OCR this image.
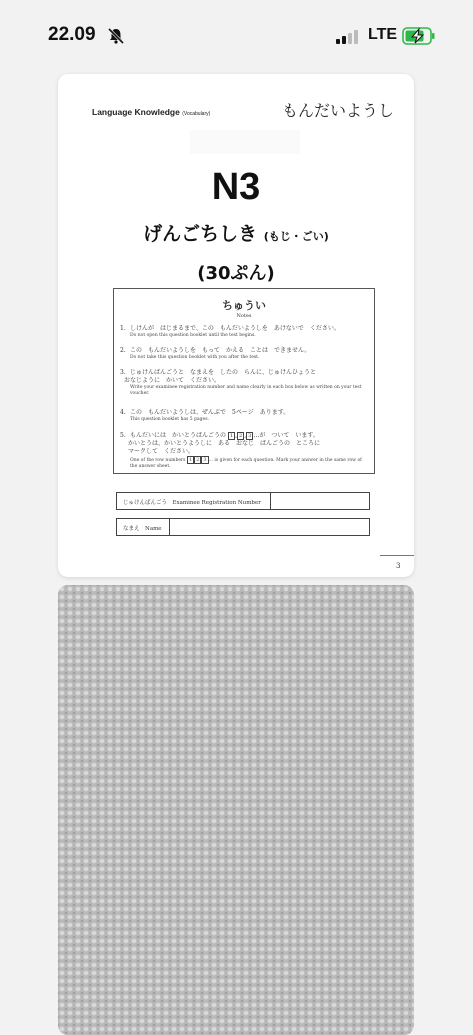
22.09	LTE
Language Knowledge (Vocabulary)	もんだいようし
N3
げんごちしき (もじ・ごい)
(30ぷん)
ちゅうい
Notes
1. しけんが　はじまるまで、この　もんだいようしを　あけないで　ください。
Do not open this question booklet until the test begins.
2. この　もんだいようしを　もって　かえる　ことは　できません。
Do not take this question booklet with you after the test.
3. じゅけんばんごうと　なまえを　したの　らんに、じゅけんひょうと
おなじように　かいて　ください。
Write your examinee registration number and name clearly in each box below as written on your test voucher.
4. この　もんだいようしは、ぜんぶで　5ページ　あります。
This question booklet has 5 pages.
5. もんだいには　かいとうばんごうの 1 , 2 , 3 …が　ついて　います。
かいとうは、かいとうようしに　ある　おなじ　ばんごうの　ところに
マークして　ください。
One of the row numbers 1 2 3 … is given for each question. Mark your answer in the same row of the answer sheet.
じゅけんばんごう　Examinee Registration Number
なまえ　Name
3
